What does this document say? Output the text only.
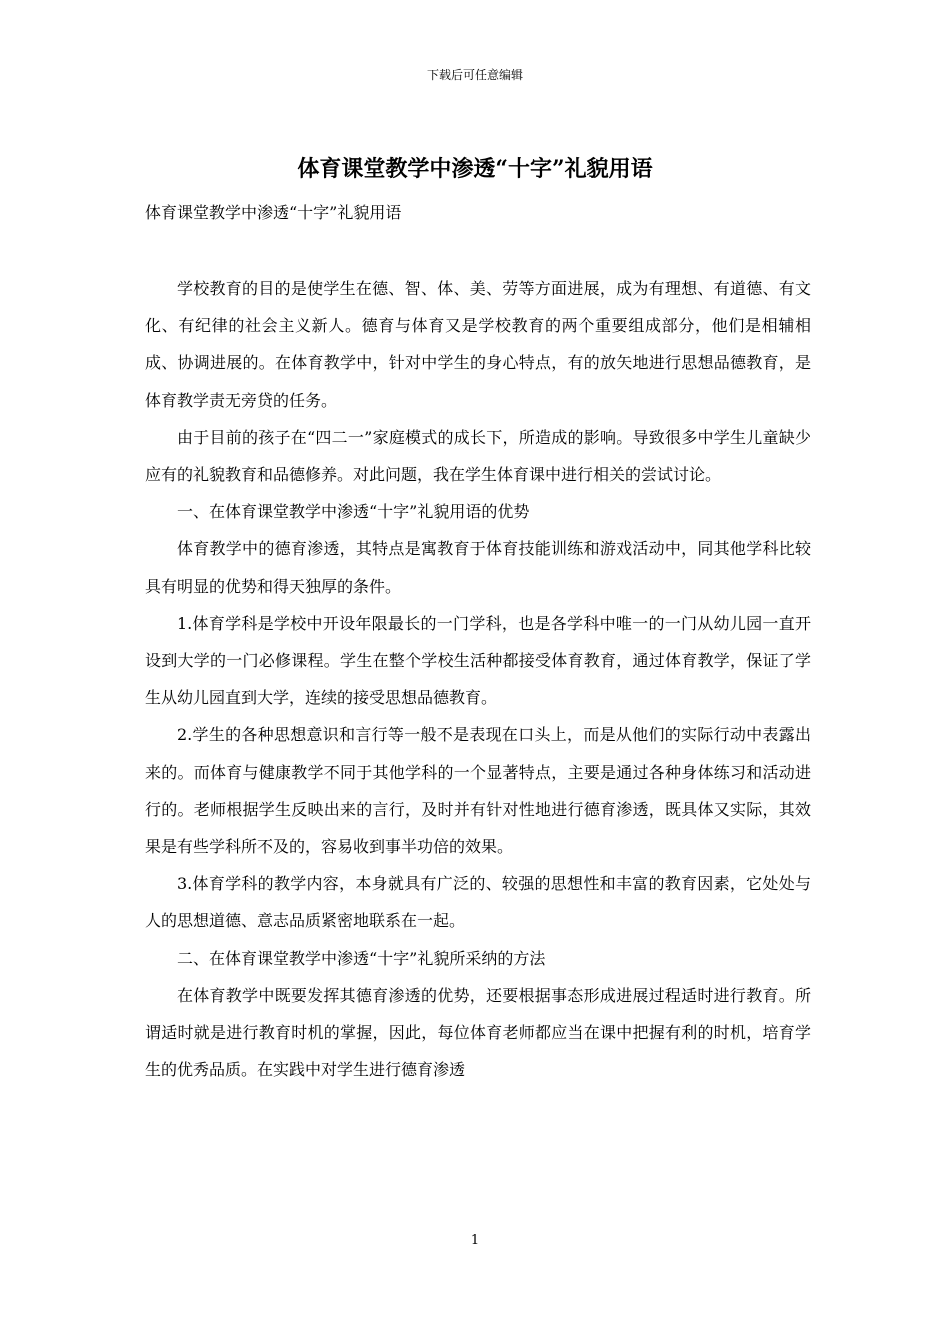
下载后可任意编辑
体育课堂教学中渗透“十字”礼貌用语
体育课堂教学中渗透“十字”礼貌用语

学校教育的目的是使学生在德、智、体、美、劳等方面进展，成为有理想、有道德、有文化、有纪律的社会主义新人。德育与体育又是学校教育的两个重要组成部分，他们是相辅相成、协调进展的。在体育教学中，针对中学生的身心特点，有的放矢地进行思想品德教育，是体育教学责无旁贷的任务。

由于目前的孩子在“四二一”家庭模式的成长下，所造成的影响。导致很多中学生儿童缺少应有的礼貌教育和品德修养。对此问题，我在学生体育课中进行相关的尝试讨论。

一、在体育课堂教学中渗透“十字”礼貌用语的优势

体育教学中的德育渗透，其特点是寓教育于体育技能训练和游戏活动中，同其他学科比较具有明显的优势和得天独厚的条件。

1.体育学科是学校中开设年限最长的一门学科，也是各学科中唯一的一门从幼儿园一直开设到大学的一门必修课程。学生在整个学校生活种都接受体育教育，通过体育教学，保证了学生从幼儿园直到大学，连续的接受思想品德教育。

2.学生的各种思想意识和言行等一般不是表现在口头上，而是从他们的实际行动中表露出来的。而体育与健康教学不同于其他学科的一个显著特点，主要是通过各种身体练习和活动进行的。老师根据学生反映出来的言行，及时并有针对性地进行德育渗透，既具体又实际，其效果是有些学科所不及的，容易收到事半功倍的效果。

3.体育学科的教学内容，本身就具有广泛的、较强的思想性和丰富的教育因素，它处处与人的思想道德、意志品质紧密地联系在一起。

二、在体育课堂教学中渗透“十字”礼貌所采纳的方法

在体育教学中既要发挥其德育渗透的优势，还要根据事态形成进展过程适时进行教育。所谓适时就是进行教育时机的掌握，因此，每位体育老师都应当在课中把握有利的时机，培育学生的优秀品质。在实践中对学生进行德育渗透

1
